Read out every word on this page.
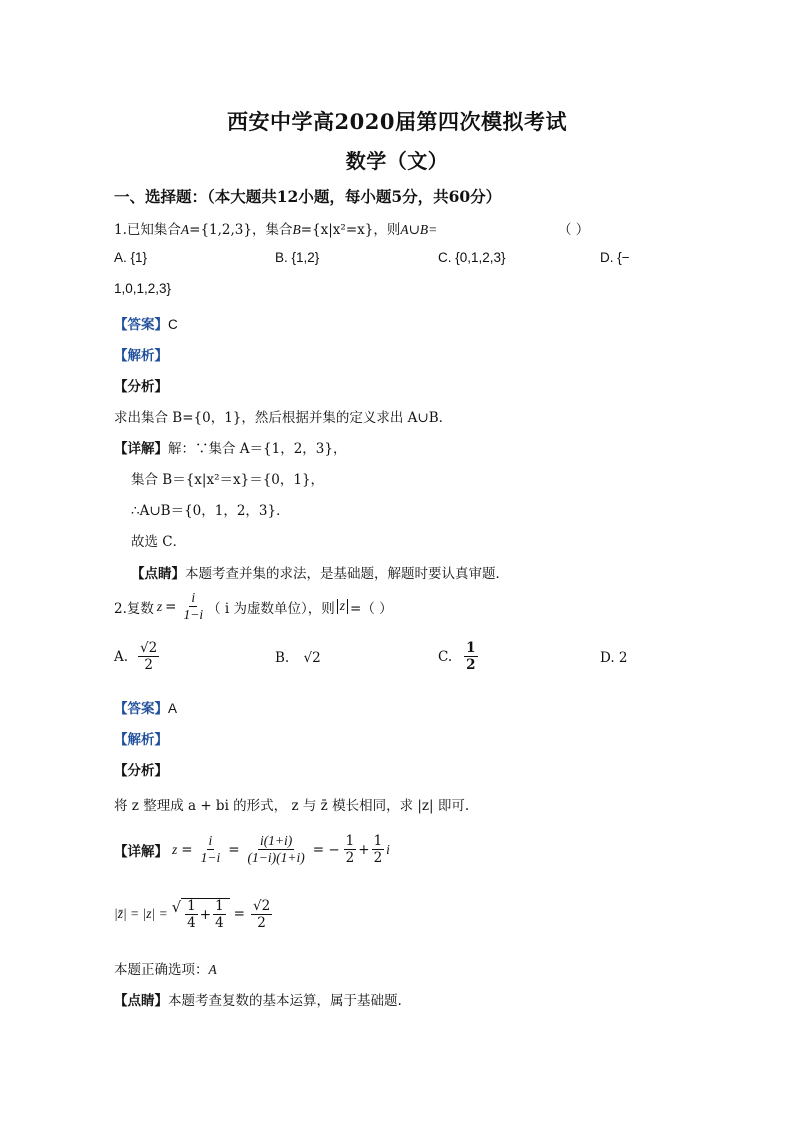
西安中学高2020届第四次模拟考试
数学（文）
一、选择题：（本大题共12小题，每小题5分，共60分）
1.已知集合A={1,2,3}，集合B={x|x²=x}，则A∪B=	（ ）
A. {1}	B. {1,2}	C. {0,1,2,3}	D. {−
1,0,1,2,3}
【答案】C
【解析】
【分析】
求出集合 B={0，1}，然后根据并集的定义求出 A∪B．
【详解】解：∵集合 A＝{1，2，3}，
集合 B＝{x|x²＝x}＝{0，1}，
∴A∪B＝{0，1，2，3}．
故选 C．
【点睛】本题考查并集的求法，是基础题，解题时要认真审题．
2.复数 $z = \frac{i}{1-i}$ （ i 为虚数单位），则 z =（ ）
A. $\frac{√2}{2}$	B. √2	C. $\frac{1}{2}$	D. 2
【答案】A
【解析】
【分析】
将 z 整理成 a + bi 的形式， z 与 z̄ 模长相同，求 |z| 即可.
【详解】 $z = \frac{i}{1-i} = \frac{i(1+i)}{(1-i)(1+i)}$ = − $\frac{1}{2} + \frac{1}{2}$ i
|z̄| = |z| = √ $\frac{1}{4} + \frac{1}{4} = \frac{√2}{2}$
本题正确选项：A
【点睛】本题考查复数的基本运算，属于基础题.
